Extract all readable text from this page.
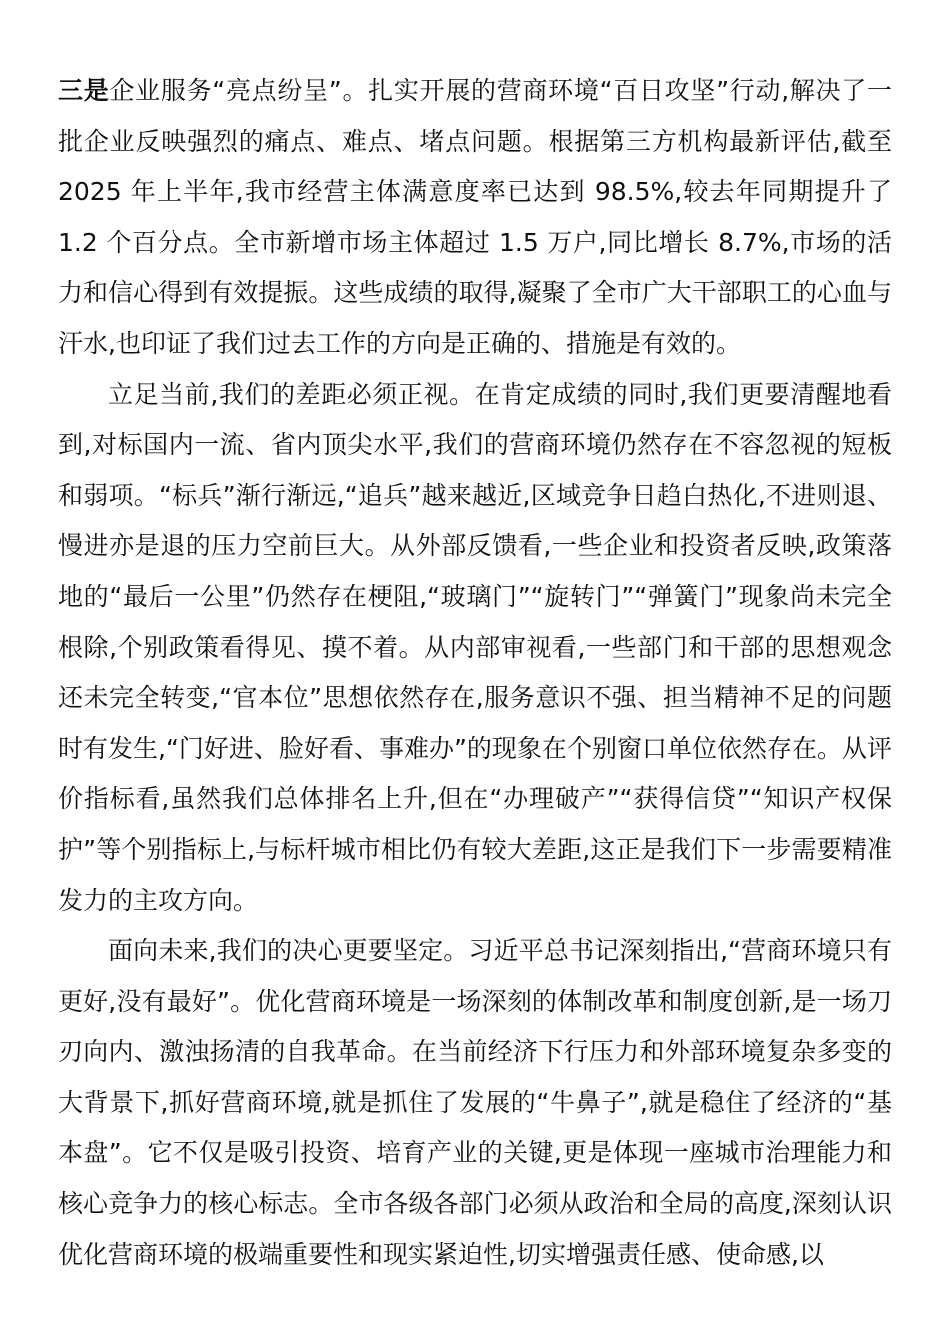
三是企业服务“亮点纷呈”。扎实开展的营商环境“百日攻坚”行动,解决了一批企业反映强烈的痛点、难点、堵点问题。根据第三方机构最新评估,截至 2025 年上半年,我市经营主体满意度率已达到 98.5%,较去年同期提升了 1.2 个百分点。全市新增市场主体超过 1.5 万户,同比增长 8.7%,市场的活力和信心得到有效提振。这些成绩的取得,凝聚了全市广大干部职工的心血与汗水,也印证了我们过去工作的方向是正确的、措施是有效的。

立足当前,我们的差距必须正视。在肯定成绩的同时,我们更要清醒地看到,对标国内一流、省内顶尖水平,我们的营商环境仍然存在不容忽视的短板和弱项。“标兵”渐行渐远,“追兵”越来越近,区域竞争日趋白热化,不进则退、慢进亦是退的压力空前巨大。从外部反馈看,一些企业和投资者反映,政策落地的“最后一公里”仍然存在梗阻,“玻璃门”“旋转门”“弹簧门”现象尚未完全根除,个别政策看得见、摸不着。从内部审视看,一些部门和干部的思想观念还未完全转变,“官本位”思想依然存在,服务意识不强、担当精神不足的问题时有发生,“门好进、脸好看、事难办”的现象在个别窗口单位依然存在。从评价指标看,虽然我们总体排名上升,但在“办理破产”“获得信贷”“知识产权保护”等个别指标上,与标杆城市相比仍有较大差距,这正是我们下一步需要精准发力的主攻方向。

面向未来,我们的决心更要坚定。习近平总书记深刻指出,“营商环境只有更好,没有最好”。优化营商环境是一场深刻的体制改革和制度创新,是一场刀刃向内、激浊扬清的自我革命。在当前经济下行压力和外部环境复杂多变的大背景下,抓好营商环境,就是抓住了发展的“牛鼻子”,就是稳住了经济的“基本盘”。它不仅是吸引投资、培育产业的关键,更是体现一座城市治理能力和核心竞争力的核心标志。全市各级各部门必须从政治和全局的高度,深刻认识优化营商环境的极端重要性和现实紧迫性,切实增强责任感、使命感,以
